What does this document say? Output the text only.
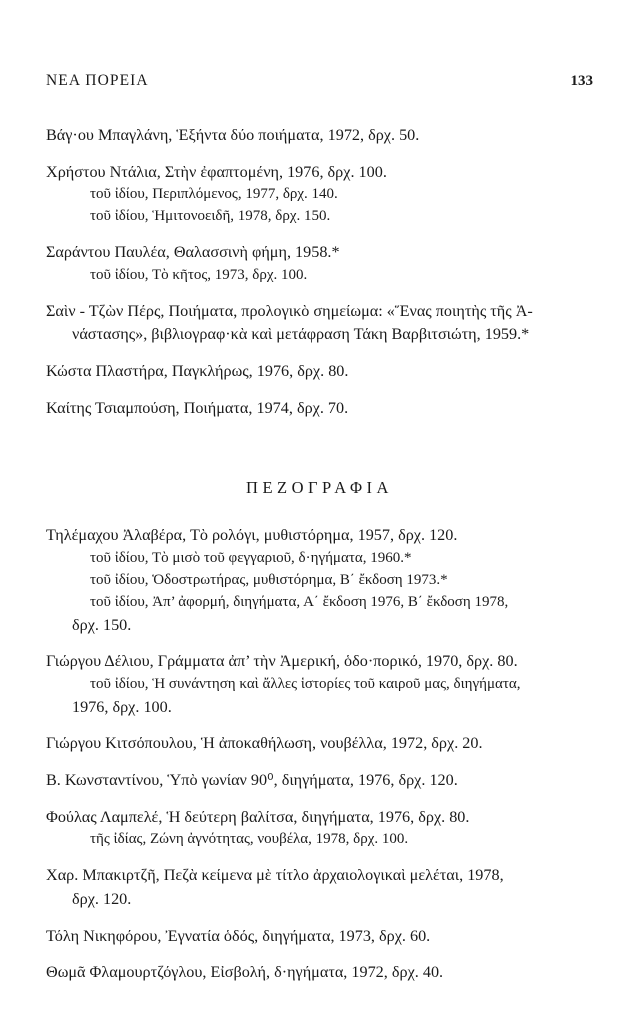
ΝΕΑ ΠΟΡΕΙΑ	133
Βάγ·ου Μπαγλάνη, Ἑξήντα δύο ποιήματα, 1972, δρχ. 50.
Χρήστου Ντάλια, Στὴν ἐφαπτομένη, 1976, δρχ. 100.
τοῦ ἰδίου, Περιπλόμενος, 1977, δρχ. 140.
τοῦ ἰδίου, Ἡμιτονοειδῆ, 1978, δρχ. 150.
Σαράντου Παυλέα, Θαλασσινὴ φήμη, 1958.*
τοῦ ἰδίου, Τὸ κῆτος, 1973, δρχ. 100.
Σαὶν - Τζὼν Πέρς, Ποιήματα, προλογικὸ σημείωμα: «Ἕνας ποιητὴς τῆς Ἀ-
νάστασης», βιβλιογραφ·κὰ καὶ μετάφραση Τάκη Βαρβιτσιώτη, 1959.*
Κώστα Πλαστήρα, Παγκλήρως, 1976, δρχ. 80.
Καίτης Τσιαμπούση, Ποιήματα, 1974, δρχ. 70.
ΠΕΖΟΓΡΑΦΙΑ
Τηλέμαχου Ἀλαβέρα, Τὸ ρολόγι, μυθιστόρημα, 1957, δρχ. 120.
τοῦ ἰδίου, Τὸ μισὸ τοῦ φεγγαριοῦ, δ·ηγήματα, 1960.*
τοῦ ἰδίου, Ὁδοστρωτήρας, μυθιστόρημα, Β΄ ἔκδοση 1973.*
τοῦ ἰδίου, Ἀπ’ ἀφορμή, διηγήματα, Α΄ ἔκδοση 1976, Β΄ ἔκδοση 1978,
δρχ. 150.
Γιώργου Δέλιου, Γράμματα ἀπ’ τὴν Ἀμερική, ὁδο·πορικό, 1970, δρχ. 80.
τοῦ ἰδίου, Ἡ συνάντηση καὶ ἄλλες ἱστορίες τοῦ καιροῦ μας, διηγήματα,
1976, δρχ. 100.
Γιώργου Κιτσόπουλου, Ἡ ἀποκαθήλωση, νουβέλλα, 1972, δρχ. 20.
Β. Κωνσταντίνου, Ὑπὸ γωνίαν 90⁰, διηγήματα, 1976, δρχ. 120.
Φούλας Λαμπελέ, Ἡ δεύτερη βαλίτσα, διηγήματα, 1976, δρχ. 80.
τῆς ἰδίας, Ζώνη ἀγνότητας, νουβέλα, 1978, δρχ. 100.
Χαρ. Μπακιρτζῆ, Πεζὰ κείμενα μὲ τίτλο ἀρχαιολογικαὶ μελέται, 1978,
δρχ. 120.
Τόλη Νικηφόρου, Ἐγνατία ὁδός, διηγήματα, 1973, δρχ. 60.
Θωμᾶ Φλαμουρτζόγλου, Εἰσβολή, δ·ηγήματα, 1972, δρχ. 40.
